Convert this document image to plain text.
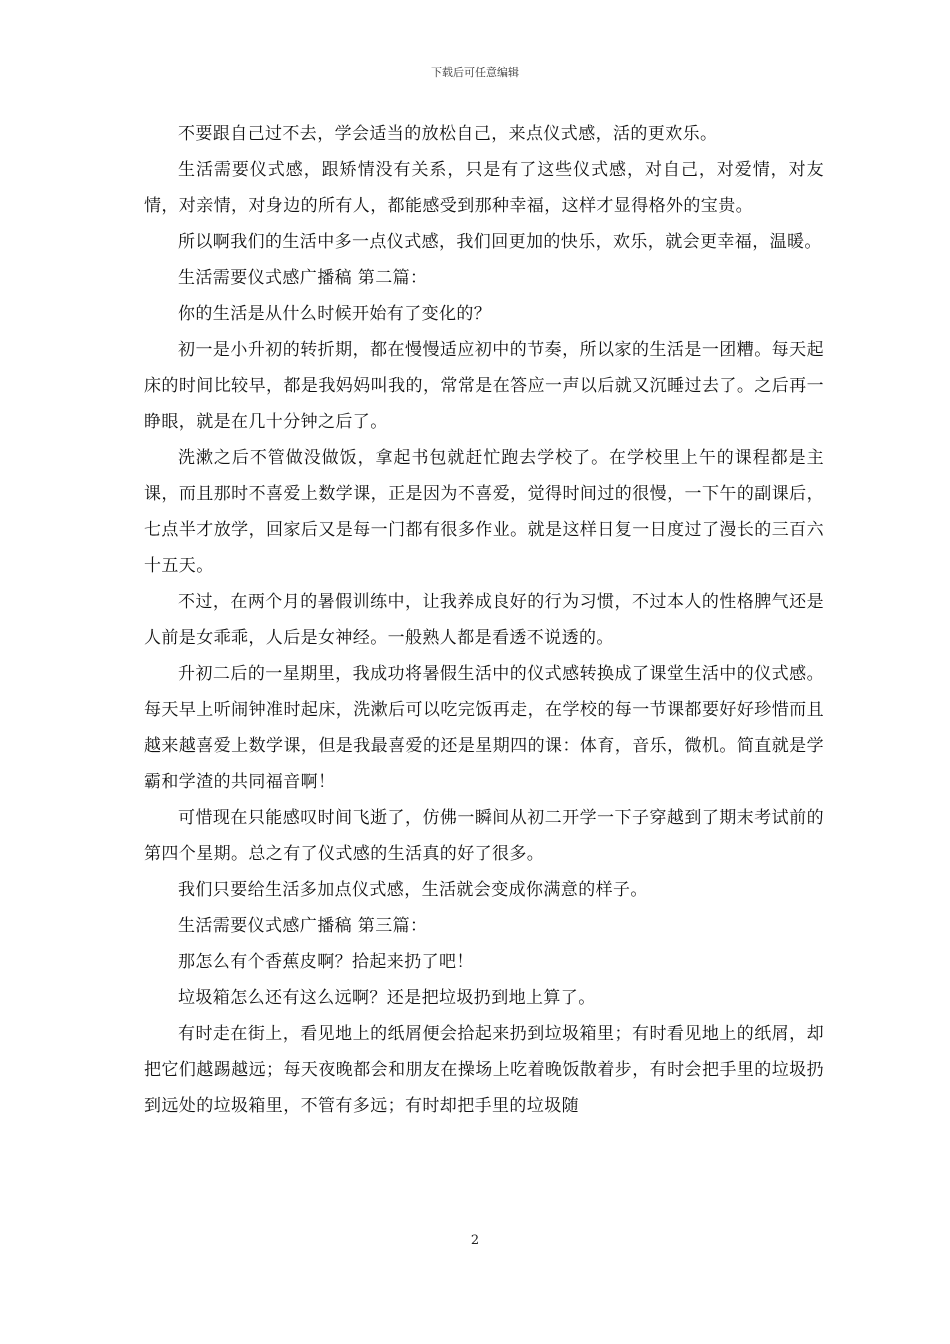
下载后可任意编辑

不要跟自己过不去，学会适当的放松自己，来点仪式感，活的更欢乐。

生活需要仪式感，跟矫情没有关系，只是有了这些仪式感，对自己，对爱情，对友情，对亲情，对身边的所有人，都能感受到那种幸福，这样才显得格外的宝贵。

所以啊我们的生活中多一点仪式感，我们回更加的快乐，欢乐，就会更幸福，温暖。

生活需要仪式感广播稿 第二篇：

你的生活是从什么时候开始有了变化的？

初一是小升初的转折期，都在慢慢适应初中的节奏，所以家的生活是一团糟。每天起床的时间比较早，都是我妈妈叫我的，常常是在答应一声以后就又沉睡过去了。之后再一睁眼，就是在几十分钟之后了。

洗漱之后不管做没做饭，拿起书包就赶忙跑去学校了。在学校里上午的课程都是主课，而且那时不喜爱上数学课，正是因为不喜爱，觉得时间过的很慢，一下午的副课后，七点半才放学，回家后又是每一门都有很多作业。就是这样日复一日度过了漫长的三百六十五天。

不过，在两个月的暑假训练中，让我养成良好的行为习惯，不过本人的性格脾气还是人前是女乖乖，人后是女神经。一般熟人都是看透不说透的。

升初二后的一星期里，我成功将暑假生活中的仪式感转换成了课堂生活中的仪式感。每天早上听闹钟准时起床，洗漱后可以吃完饭再走，在学校的每一节课都要好好珍惜而且越来越喜爱上数学课，但是我最喜爱的还是星期四的课：体育，音乐，微机。简直就是学霸和学渣的共同福音啊！

可惜现在只能感叹时间飞逝了，仿佛一瞬间从初二开学一下子穿越到了期末考试前的第四个星期。总之有了仪式感的生活真的好了很多。

我们只要给生活多加点仪式感，生活就会变成你满意的样子。

生活需要仪式感广播稿 第三篇：

那怎么有个香蕉皮啊？拾起来扔了吧！

垃圾箱怎么还有这么远啊？还是把垃圾扔到地上算了。

有时走在街上，看见地上的纸屑便会拾起来扔到垃圾箱里；有时看见地上的纸屑，却把它们越踢越远；每天夜晚都会和朋友在操场上吃着晚饭散着步，有时会把手里的垃圾扔到远处的垃圾箱里，不管有多远；有时却把手里的垃圾随

2
